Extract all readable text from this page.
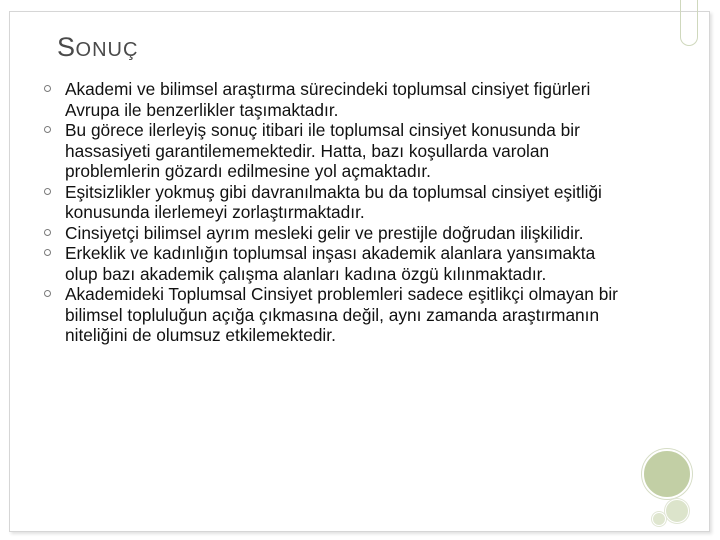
SONUÇ
Akademi ve bilimsel araştırma sürecindeki toplumsal cinsiyet figürleri Avrupa ile benzerlikler taşımaktadır.
Bu görece ilerleyiş sonuç itibari ile toplumsal cinsiyet konusunda bir hassasiyeti garantilememektedir. Hatta, bazı koşullarda varolan problemlerin gözardı edilmesine yol açmaktadır.
Eşitsizlikler yokmuş gibi davranılmakta bu da toplumsal cinsiyet eşitliği konusunda ilerlemeyi zorlaştırmaktadır.
Cinsiyetçi bilimsel ayrım mesleki gelir ve prestijle doğrudan ilişkilidir.
Erkeklik ve kadınlığın toplumsal inşası akademik alanlara yansımakta olup bazı akademik çalışma alanları kadına özgü kılınmaktadır.
Akademideki Toplumsal Cinsiyet problemleri sadece eşitlikçi olmayan bir bilimsel topluluğun açığa çıkmasına değil, aynı zamanda araştırmanın niteliğini de olumsuz etkilemektedir.
